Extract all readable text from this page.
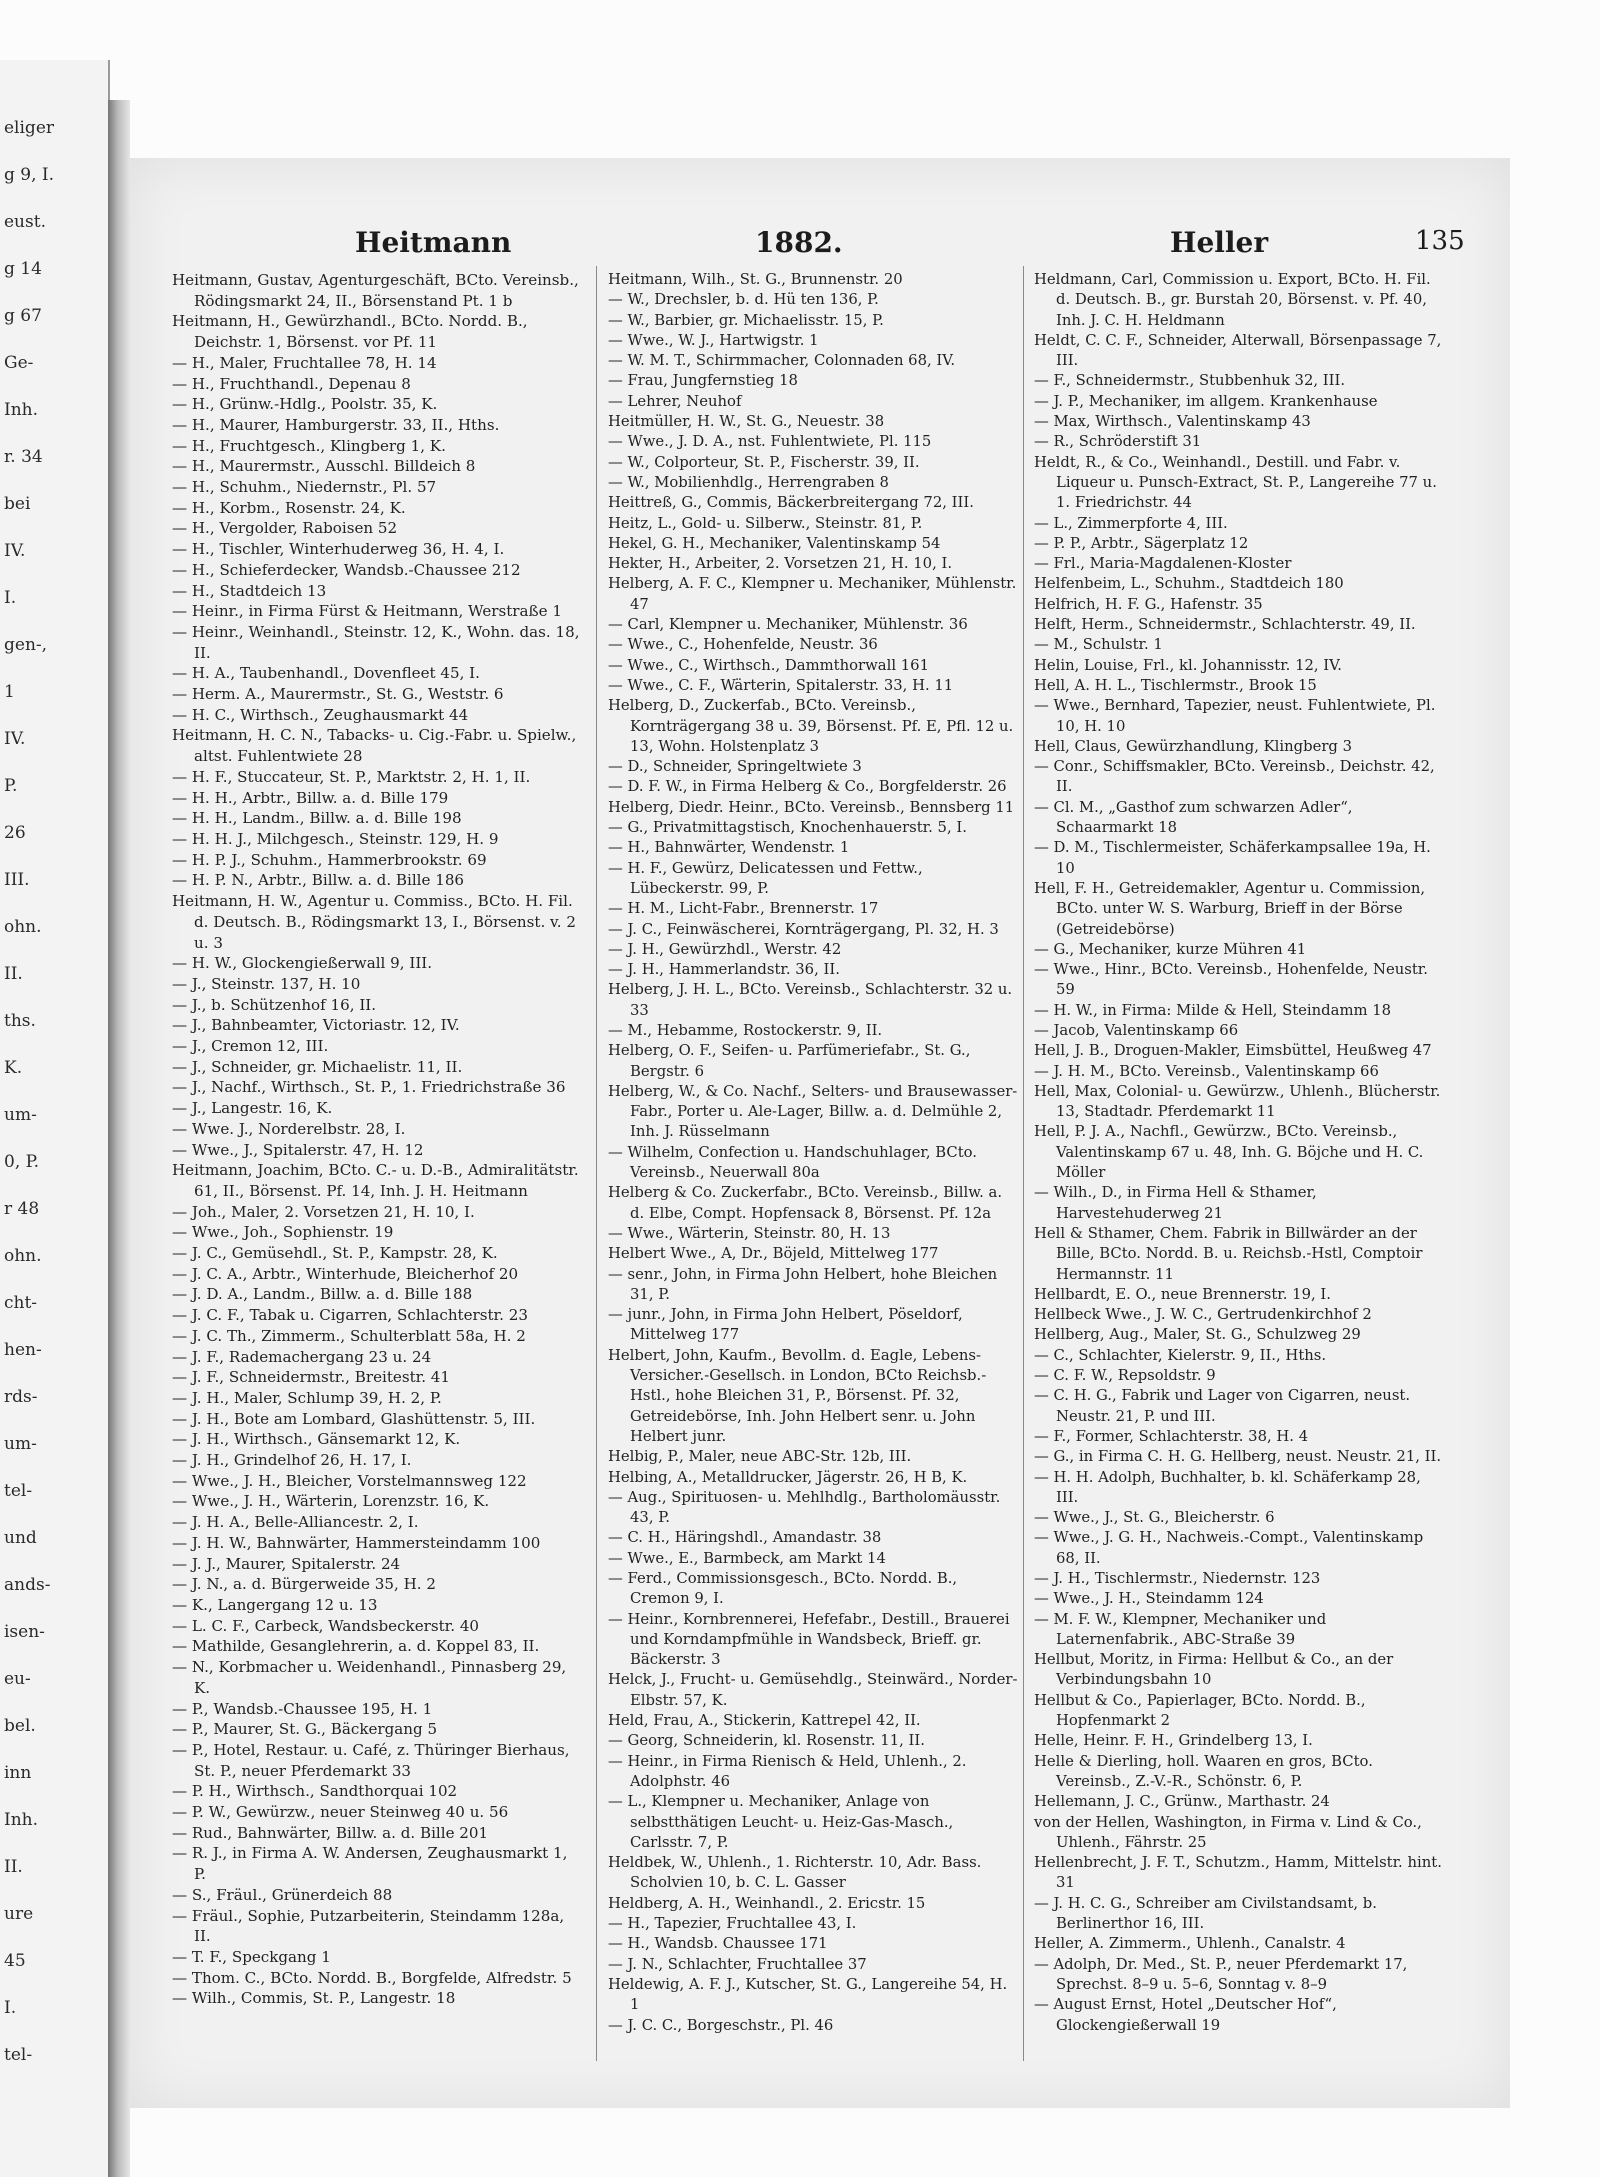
eliger
g 9, I.
eust.
g 14
g 67
Ge-
Inh.
r. 34
bei
IV.
I.
gen-,
1
IV.
P.
26
III.
ohn.
II.
ths.
K.
um-
0, P.
r 48
ohn.
cht-
hen-
rds-
um-
tel-
und
ands-
isen-
eu-
bel.
inn
Inh.
II.
ure
45
I.
tel-
Heitmann	1882.	Heller	135

Heitmann, Gustav, Agenturgeschäft, BCto. Vereinsb., Rödingsmarkt 24, II., Börsenstand Pt. 1 b

Heitmann, H., Gewürzhandl., BCto. Nordd. B., Deichstr. 1, Börsenst. vor Pf. 11

— H., Maler, Fruchtallee 78, H. 14

— H., Fruchthandl., Depenau 8

— H., Grünw.-Hdlg., Poolstr. 35, K.

— H., Maurer, Hamburgerstr. 33, II., Hths.

— H., Fruchtgesch., Klingberg 1, K.

— H., Maurermstr., Ausschl. Billdeich 8

— H., Schuhm., Niedernstr., Pl. 57

— H., Korbm., Rosenstr. 24, K.

— H., Vergolder, Raboisen 52

— H., Tischler, Winterhuderweg 36, H. 4, I.

— H., Schieferdecker, Wandsb.-Chaussee 212

— H., Stadtdeich 13

— Heinr., in Firma Fürst & Heitmann, Werstraße 1

— Heinr., Weinhandl., Steinstr. 12, K., Wohn. das. 18, II.

— H. A., Taubenhandl., Dovenfleet 45, I.

— Herm. A., Maurermstr., St. G., Weststr. 6

— H. C., Wirthsch., Zeughausmarkt 44

Heitmann, H. C. N., Tabacks- u. Cig.-Fabr. u. Spielw., altst. Fuhlentwiete 28

— H. F., Stuccateur, St. P., Marktstr. 2, H. 1, II.

— H. H., Arbtr., Billw. a. d. Bille 179

— H. H., Landm., Billw. a. d. Bille 198

— H. H. J., Milchgesch., Steinstr. 129, H. 9

— H. P. J., Schuhm., Hammerbrookstr. 69

— H. P. N., Arbtr., Billw. a. d. Bille 186

Heitmann, H. W., Agentur u. Commiss., BCto. H. Fil. d. Deutsch. B., Rödingsmarkt 13, I., Börsenst. v. 2 u. 3

— H. W., Glockengießerwall 9, III.

— J., Steinstr. 137, H. 10

— J., b. Schützenhof 16, II.

— J., Bahnbeamter, Victoriastr. 12, IV.

— J., Cremon 12, III.

— J., Schneider, gr. Michaelistr. 11, II.

— J., Nachf., Wirthsch., St. P., 1. Friedrichstraße 36

— J., Langestr. 16, K.

— Wwe. J., Norderelbstr. 28, I.

— Wwe., J., Spitalerstr. 47, H. 12

Heitmann, Joachim, BCto. C.- u. D.-B., Admiralitätstr. 61, II., Börsenst. Pf. 14, Inh. J. H. Heitmann

— Joh., Maler, 2. Vorsetzen 21, H. 10, I.

— Wwe., Joh., Sophienstr. 19

— J. C., Gemüsehdl., St. P., Kampstr. 28, K.

— J. C. A., Arbtr., Winterhude, Bleicherhof 20

— J. D. A., Landm., Billw. a. d. Bille 188

— J. C. F., Tabak u. Cigarren, Schlachterstr. 23

— J. C. Th., Zimmerm., Schulterblatt 58a, H. 2

— J. F., Rademachergang 23 u. 24

— J. F., Schneidermstr., Breitestr. 41

— J. H., Maler, Schlump 39, H. 2, P.

— J. H., Bote am Lombard, Glashüttenstr. 5, III.

— J. H., Wirthsch., Gänsemarkt 12, K.

— J. H., Grindelhof 26, H. 17, I.

— Wwe., J. H., Bleicher, Vorstelmannsweg 122

— Wwe., J. H., Wärterin, Lorenzstr. 16, K.

— J. H. A., Belle-Alliancestr. 2, I.

— J. H. W., Bahnwärter, Hammersteindamm 100

— J. J., Maurer, Spitalerstr. 24

— J. N., a. d. Bürgerweide 35, H. 2

— K., Langergang 12 u. 13

— L. C. F., Carbeck, Wandsbeckerstr. 40

— Mathilde, Gesanglehrerin, a. d. Koppel 83, II.

— N., Korbmacher u. Weidenhandl., Pinnasberg 29, K.

— P., Wandsb.-Chaussee 195, H. 1

— P., Maurer, St. G., Bäckergang 5

— P., Hotel, Restaur. u. Café, z. Thüringer Bierhaus, St. P., neuer Pferdemarkt 33

— P. H., Wirthsch., Sandthorquai 102

— P. W., Gewürzw., neuer Steinweg 40 u. 56

— Rud., Bahnwärter, Billw. a. d. Bille 201

— R. J., in Firma A. W. Andersen, Zeughausmarkt 1, P.

— S., Fräul., Grünerdeich 88

— Fräul., Sophie, Putzarbeiterin, Steindamm 128a, II.

— T. F., Speckgang 1

— Thom. C., BCto. Nordd. B., Borgfelde, Alfredstr. 5

— Wilh., Commis, St. P., Langestr. 18

Heitmann, Wilh., St. G., Brunnenstr. 20

— W., Drechsler, b. d. Hü ten 136, P.

— W., Barbier, gr. Michaelisstr. 15, P.

— Wwe., W. J., Hartwigstr. 1

— W. M. T., Schirmmacher, Colonnaden 68, IV.

— Frau, Jungfernstieg 18

— Lehrer, Neuhof

Heitmüller, H. W., St. G., Neuestr. 38

— Wwe., J. D. A., nst. Fuhlentwiete, Pl. 115

— W., Colporteur, St. P., Fischerstr. 39, II.

— W., Mobilienhdlg., Herrengraben 8

Heittreß, G., Commis, Bäckerbreitergang 72, III.

Heitz, L., Gold- u. Silberw., Steinstr. 81, P.

Hekel, G. H., Mechaniker, Valentinskamp 54

Hekter, H., Arbeiter, 2. Vorsetzen 21, H. 10, I.

Helberg, A. F. C., Klempner u. Mechaniker, Mühlenstr. 47

— Carl, Klempner u. Mechaniker, Mühlenstr. 36

— Wwe., C., Hohenfelde, Neustr. 36

— Wwe., C., Wirthsch., Dammthorwall 161

— Wwe., C. F., Wärterin, Spitalerstr. 33, H. 11

Helberg, D., Zuckerfab., BCto. Vereinsb., Kornträgergang 38 u. 39, Börsenst. Pf. E, Pfl. 12 u. 13, Wohn. Holstenplatz 3

— D., Schneider, Springeltwiete 3

— D. F. W., in Firma Helberg & Co., Borgfelderstr. 26

Helberg, Diedr. Heinr., BCto. Vereinsb., Bennsberg 11

— G., Privatmittagstisch, Knochenhauerstr. 5, I.

— H., Bahnwärter, Wendenstr. 1

— H. F., Gewürz, Delicatessen und Fettw., Lübeckerstr. 99, P.

— H. M., Licht-Fabr., Brennerstr. 17

— J. C., Feinwäscherei, Kornträgergang, Pl. 32, H. 3

— J. H., Gewürzhdl., Werstr. 42

— J. H., Hammerlandstr. 36, II.

Helberg, J. H. L., BCto. Vereinsb., Schlachterstr. 32 u. 33

— M., Hebamme, Rostockerstr. 9, II.

Helberg, O. F., Seifen- u. Parfümeriefabr., St. G., Bergstr. 6

Helberg, W., & Co. Nachf., Selters- und Brausewasser-Fabr., Porter u. Ale-Lager, Billw. a. d. Delmühle 2, Inh. J. Rüsselmann

— Wilhelm, Confection u. Handschuhlager, BCto. Vereinsb., Neuerwall 80a

Helberg & Co. Zuckerfabr., BCto. Vereinsb., Billw. a. d. Elbe, Compt. Hopfensack 8, Börsenst. Pf. 12a

— Wwe., Wärterin, Steinstr. 80, H. 13

Helbert Wwe., A, Dr., Böjeld, Mittelweg 177

— senr., John, in Firma John Helbert, hohe Bleichen 31, P.

— junr., John, in Firma John Helbert, Pöseldorf, Mittelweg 177

Helbert, John, Kaufm., Bevollm. d. Eagle, Lebens-Versicher.-Gesellsch. in London, BCto Reichsb.-Hstl., hohe Bleichen 31, P., Börsenst. Pf. 32, Getreidebörse, Inh. John Helbert senr. u. John Helbert junr.

Helbig, P., Maler, neue ABC-Str. 12b, III.

Helbing, A., Metalldrucker, Jägerstr. 26, H B, K.

— Aug., Spirituosen- u. Mehlhdlg., Bartholomäusstr. 43, P.

— C. H., Häringshdl., Amandastr. 38

— Wwe., E., Barmbeck, am Markt 14

— Ferd., Commissionsgesch., BCto. Nordd. B., Cremon 9, I.

— Heinr., Kornbrennerei, Hefefabr., Destill., Brauerei und Korndampfmühle in Wandsbeck, Brieff. gr. Bäckerstr. 3

Helck, J., Frucht- u. Gemüsehdlg., Steinwärd., Norder-Elbstr. 57, K.

Held, Frau, A., Stickerin, Kattrepel 42, II.

— Georg, Schneiderin, kl. Rosenstr. 11, II.

— Heinr., in Firma Rienisch & Held, Uhlenh., 2. Adolphstr. 46

— L., Klempner u. Mechaniker, Anlage von selbstthätigen Leucht- u. Heiz-Gas-Masch., Carlsstr. 7, P.

Heldbek, W., Uhlenh., 1. Richterstr. 10, Adr. Bass. Scholvien 10, b. C. L. Gasser

Heldberg, A. H., Weinhandl., 2. Ericstr. 15

— H., Tapezier, Fruchtallee 43, I.

— H., Wandsb. Chaussee 171

— J. N., Schlachter, Fruchtallee 37

Heldewig, A. F. J., Kutscher, St. G., Langereihe 54, H. 1

— J. C. C., Borgeschstr., Pl. 46

Heldmann, Carl, Commission u. Export, BCto. H. Fil. d. Deutsch. B., gr. Burstah 20, Börsenst. v. Pf. 40, Inh. J. C. H. Heldmann

Heldt, C. C. F., Schneider, Alterwall, Börsenpassage 7, III.

— F., Schneidermstr., Stubbenhuk 32, III.

— J. P., Mechaniker, im allgem. Krankenhause

— Max, Wirthsch., Valentinskamp 43

— R., Schröderstift 31

Heldt, R., & Co., Weinhandl., Destill. und Fabr. v. Liqueur u. Punsch-Extract, St. P., Langereihe 77 u. 1. Friedrichstr. 44

— L., Zimmerpforte 4, III.

— P. P., Arbtr., Sägerplatz 12

— Frl., Maria-Magdalenen-Kloster

Helfenbeim, L., Schuhm., Stadtdeich 180

Helfrich, H. F. G., Hafenstr. 35

Helft, Herm., Schneidermstr., Schlachterstr. 49, II.

— M., Schulstr. 1

Helin, Louise, Frl., kl. Johannisstr. 12, IV.

Hell, A. H. L., Tischlermstr., Brook 15

— Wwe., Bernhard, Tapezier, neust. Fuhlentwiete, Pl. 10, H. 10

Hell, Claus, Gewürzhandlung, Klingberg 3

— Conr., Schiffsmakler, BCto. Vereinsb., Deichstr. 42, II.

— Cl. M., „Gasthof zum schwarzen Adler“, Schaarmarkt 18

— D. M., Tischlermeister, Schäferkampsallee 19a, H. 10

Hell, F. H., Getreidemakler, Agentur u. Commission, BCto. unter W. S. Warburg, Brieff in der Börse (Getreidebörse)

— G., Mechaniker, kurze Mühren 41

— Wwe., Hinr., BCto. Vereinsb., Hohenfelde, Neustr. 59

— H. W., in Firma: Milde & Hell, Steindamm 18

— Jacob, Valentinskamp 66

Hell, J. B., Droguen-Makler, Eimsbüttel, Heußweg 47

— J. H. M., BCto. Vereinsb., Valentinskamp 66

Hell, Max, Colonial- u. Gewürzw., Uhlenh., Blücherstr. 13, Stadtadr. Pferdemarkt 11

Hell, P. J. A., Nachfl., Gewürzw., BCto. Vereinsb., Valentinskamp 67 u. 48, Inh. G. Böjche und H. C. Möller

— Wilh., D., in Firma Hell & Sthamer, Harvestehuderweg 21

Hell & Sthamer, Chem. Fabrik in Billwärder an der Bille, BCto. Nordd. B. u. Reichsb.-Hstl, Comptoir Hermannstr. 11

Hellbardt, E. O., neue Brennerstr. 19, I.

Hellbeck Wwe., J. W. C., Gertrudenkirchhof 2

Hellberg, Aug., Maler, St. G., Schulzweg 29

— C., Schlachter, Kielerstr. 9, II., Hths.

— C. F. W., Repsoldstr. 9

— C. H. G., Fabrik und Lager von Cigarren, neust. Neustr. 21, P. und III.

— F., Former, Schlachterstr. 38, H. 4

— G., in Firma C. H. G. Hellberg, neust. Neustr. 21, II.

— H. H. Adolph, Buchhalter, b. kl. Schäferkamp 28, III.

— Wwe., J., St. G., Bleicherstr. 6

— Wwe., J. G. H., Nachweis.-Compt., Valentinskamp 68, II.

— J. H., Tischlermstr., Niedernstr. 123

— Wwe., J. H., Steindamm 124

— M. F. W., Klempner, Mechaniker und Laternenfabrik., ABC-Straße 39

Hellbut, Moritz, in Firma: Hellbut & Co., an der Verbindungsbahn 10

Hellbut & Co., Papierlager, BCto. Nordd. B., Hopfenmarkt 2

Helle, Heinr. F. H., Grindelberg 13, I.

Helle & Dierling, holl. Waaren en gros, BCto. Vereinsb., Z.-V.-R., Schönstr. 6, P.

Hellemann, J. C., Grünw., Marthastr. 24

von der Hellen, Washington, in Firma v. Lind & Co., Uhlenh., Fährstr. 25

Hellenbrecht, J. F. T., Schutzm., Hamm, Mittelstr. hint. 31

— J. H. C. G., Schreiber am Civilstandsamt, b. Berlinerthor 16, III.

Heller, A. Zimmerm., Uhlenh., Canalstr. 4

— Adolph, Dr. Med., St. P., neuer Pferdemarkt 17, Sprechst. 8–9 u. 5–6, Sonntag v. 8–9

— August Ernst, Hotel „Deutscher Hof“, Glockengießerwall 19
